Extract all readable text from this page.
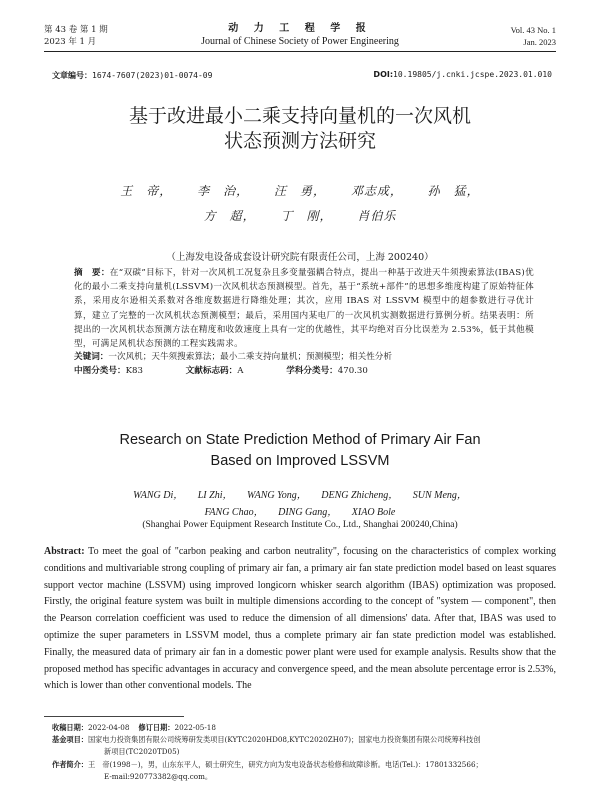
第 43 卷 第 1 期
2023 年 1 月
动 力 工 程 学 报
Journal of Chinese Society of Power Engineering
Vol. 43 No. 1
Jan. 2023
文章编号：1674-7607(2023)01-0074-09	DOI:10.19805/j.cnki.jcspe.2023.01.010
基于改进最小二乘支持向量机的一次风机
状态预测方法研究
王　帝， 李　治， 汪　勇， 邓志成， 孙　猛，
方　超， 丁　刚， 肖伯乐
（上海发电设备成套设计研究院有限责任公司，上海 200240）
摘　要：在“双碳”目标下，针对一次风机工况复杂且多变量强耦合特点，提出一种基于改进天牛须搜索算法(IBAS)优化的最小二乘支持向量机(LSSVM)一次风机状态预测模型。首先，基于“系统+部件”的思想多维度构建了原始特征体系，采用皮尔逊相关系数对各维度数据进行降维处理；其次，应用 IBAS 对 LSSVM 模型中的超参数进行寻优计算，建立了完整的一次风机状态预测模型；最后，采用国内某电厂的一次风机实测数据进行算例分析。结果表明：所提出的一次风机状态预测方法在精度和收敛速度上具有一定的优越性，其平均绝对百分比误差为 2.53%，低于其他模型，可满足风机状态预测的工程实践需求。
关键词：一次风机；天牛须搜索算法；最小二乘支持向量机；预测模型；相关性分析
中图分类号：K83	文献标志码：A	学科分类号：470.30
Research on State Prediction Method of Primary Air Fan
Based on Improved LSSVM
WANG Di， LI Zhi， WANG Yong， DENG Zhicheng， SUN Meng，
FANG Chao， DING Gang， XIAO Bole
(Shanghai Power Equipment Research Institute Co., Ltd., Shanghai 200240,China)
Abstract: To meet the goal of "carbon peaking and carbon neutrality", focusing on the characteristics of complex working conditions and multivariable strong coupling of primary air fan, a primary air fan state prediction model based on least squares support vector machine (LSSVM) using improved longicorn whisker search algorithm (IBAS) optimization was proposed. Firstly, the original feature system was built in multiple dimensions according to the concept of "system — component", then the Pearson correlation coefficient was used to reduce the dimension of all dimensions' data. After that, IBAS was used to optimize the super parameters in LSSVM model, thus a complete primary air fan state prediction model was established. Finally, the measured data of primary air fan in a domestic power plant were used for example analysis. Results show that the proposed method has specific advantages in accuracy and convergence speed, and the mean absolute percentage error is 2.53%, which is lower than other conventional models. The
收稿日期：2022-04-08 修订日期：2022-05-18
基金项目：国家电力投资集团有限公司统筹研发类项目(KYTC2020HD08,KYTC2020ZH07)；国家电力投资集团有限公司统筹科技创
新项目(TC2020TD05)
作者简介：王　帝(1998－)，男，山东东平人，硕士研究生，研究方向为发电设备状态检修和故障诊断。电话(Tel.)：17801332566；
E-mail:920773382@qq.com。
